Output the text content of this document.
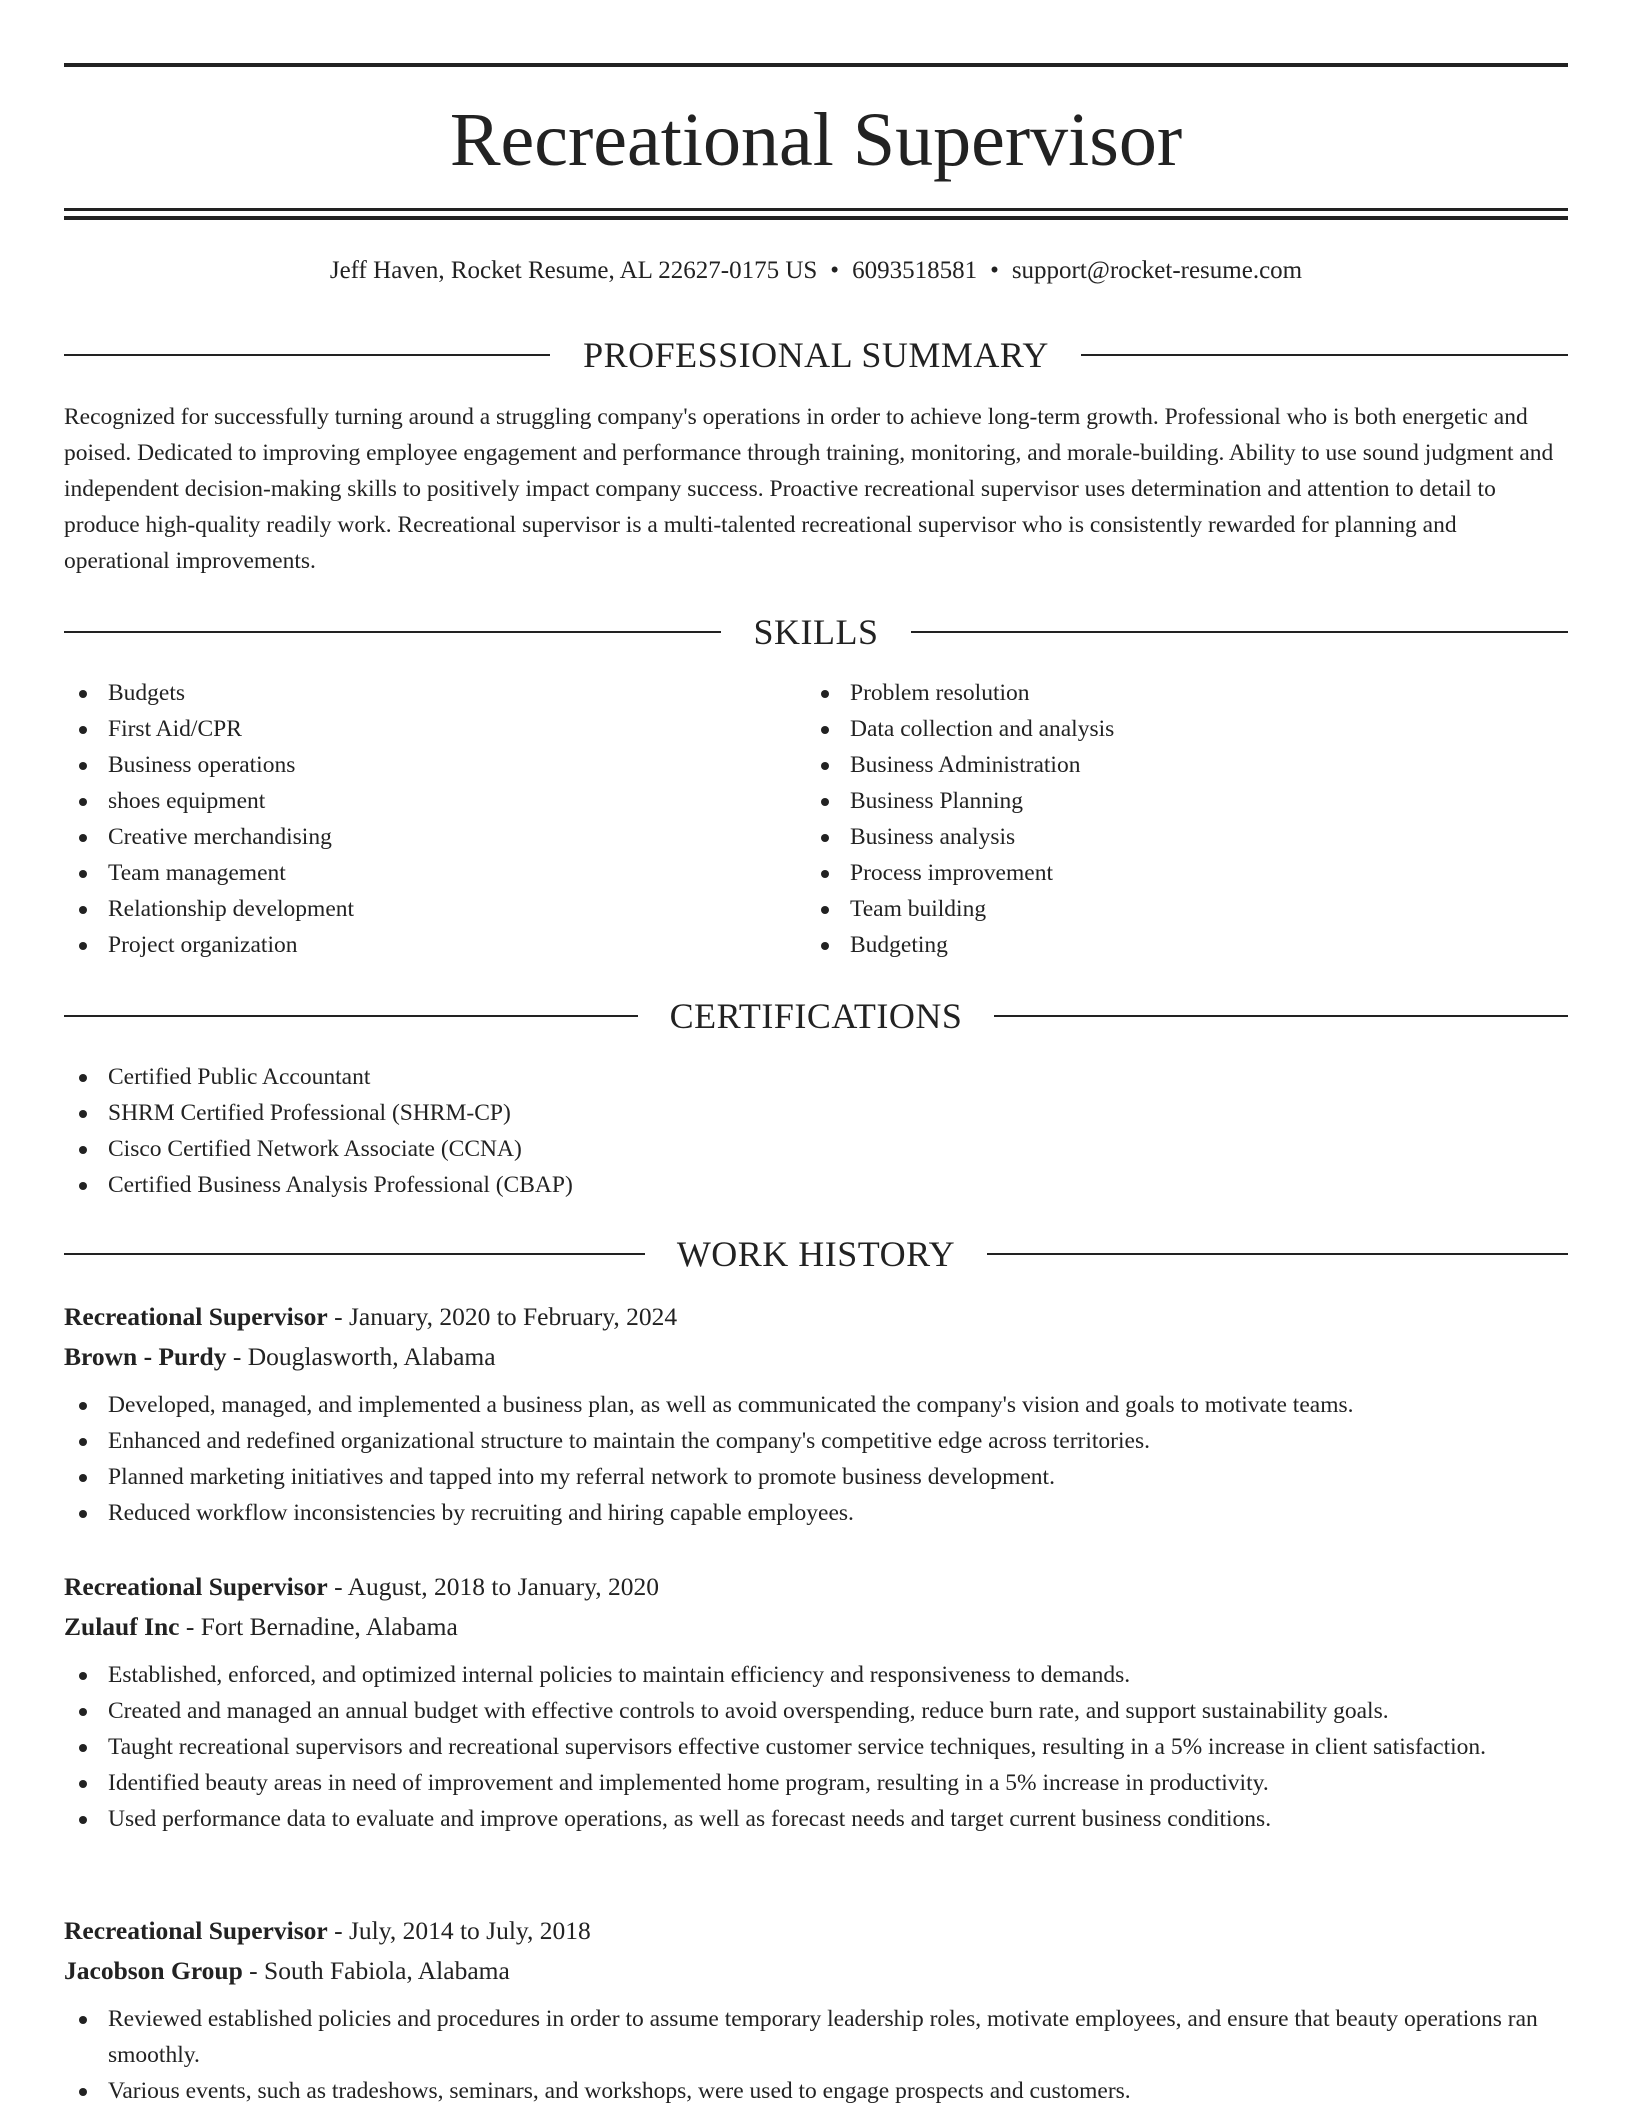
Recreational Supervisor
Jeff Haven, Rocket Resume, AL 22627-0175 US • 6093518581 • support@rocket-resume.com
PROFESSIONAL SUMMARY

Recognized for successfully turning around a struggling company's operations in order to achieve long-term growth. Professional who is both energetic and poised. Dedicated to improving employee engagement and performance through training, monitoring, and morale-building. Ability to use sound judgment and independent decision-making skills to positively impact company success. Proactive recreational supervisor uses determination and attention to detail to produce high-quality readily work. Recreational supervisor is a multi-talented recreational supervisor who is consistently rewarded for planning and operational improvements.

SKILLS
Budgets
First Aid/CPR
Business operations
shoes equipment
Creative merchandising
Team management
Relationship development
Project organization
Problem resolution
Data collection and analysis
Business Administration
Business Planning
Business analysis
Process improvement
Team building
Budgeting
CERTIFICATIONS
Certified Public Accountant
SHRM Certified Professional (SHRM-CP)
Cisco Certified Network Associate (CCNA)
Certified Business Analysis Professional (CBAP)
WORK HISTORY
Recreational Supervisor - January, 2020 to February, 2024
Brown - Purdy - Douglasworth, Alabama
Developed, managed, and implemented a business plan, as well as communicated the company's vision and goals to motivate teams.
Enhanced and redefined organizational structure to maintain the company's competitive edge across territories.
Planned marketing initiatives and tapped into my referral network to promote business development.
Reduced workflow inconsistencies by recruiting and hiring capable employees.
Recreational Supervisor - August, 2018 to January, 2020
Zulauf Inc - Fort Bernadine, Alabama
Established, enforced, and optimized internal policies to maintain efficiency and responsiveness to demands.
Created and managed an annual budget with effective controls to avoid overspending, reduce burn rate, and support sustainability goals.
Taught recreational supervisors and recreational supervisors effective customer service techniques, resulting in a 5% increase in client satisfaction.
Identified beauty areas in need of improvement and implemented home program, resulting in a 5% increase in productivity.
Used performance data to evaluate and improve operations, as well as forecast needs and target current business conditions.
Recreational Supervisor - July, 2014 to July, 2018
Jacobson Group - South Fabiola, Alabama
Reviewed established policies and procedures in order to assume temporary leadership roles, motivate employees, and ensure that beauty operations ran smoothly.
Various events, such as tradeshows, seminars, and workshops, were used to engage prospects and customers.
